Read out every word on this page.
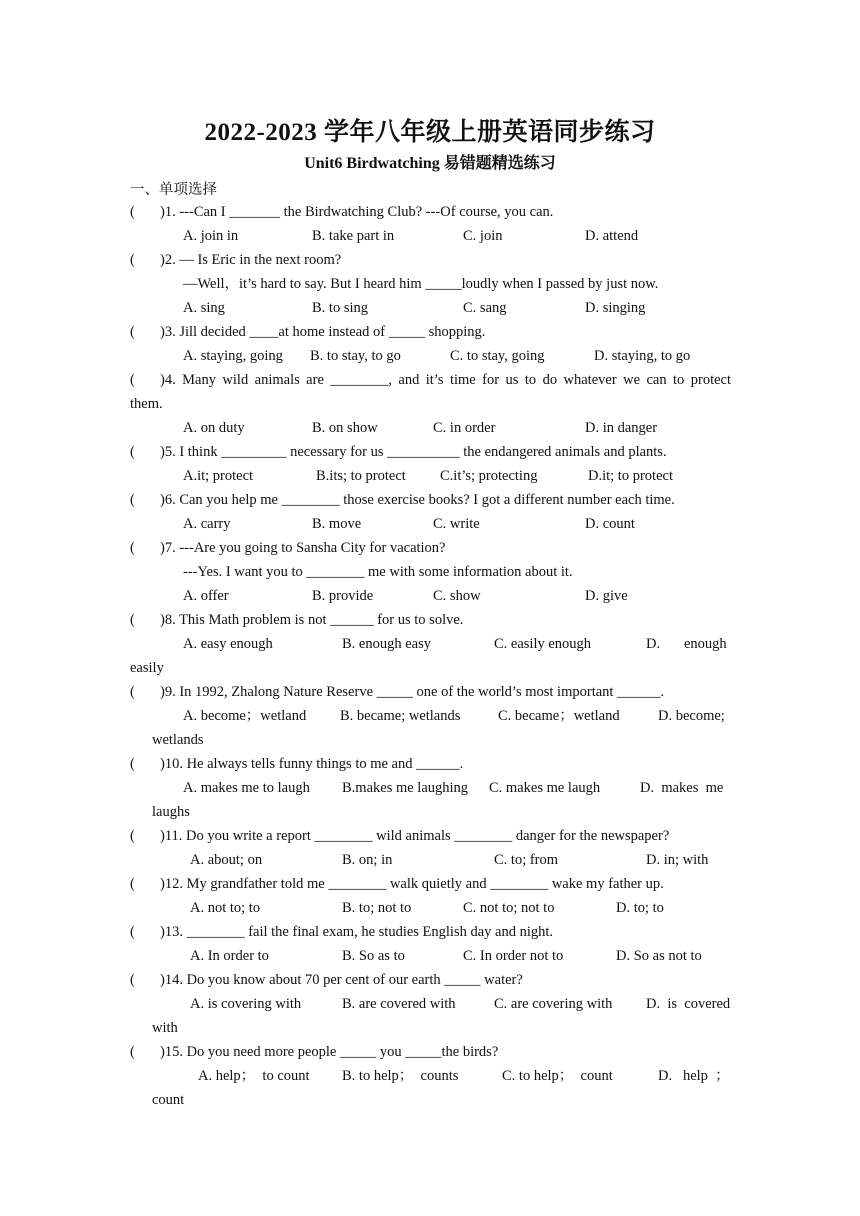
2022-2023 学年八年级上册英语同步练习
Unit6 Birdwatching 易错题精选练习
一、单项选择
( )1. ---Can I _______ the Birdwatching Club? ---Of course, you can.
A. join in	B. take part in	C. join	D. attend
( )2. — Is Eric in the next room?
—Well，it’s hard to say. But I heard him _____loudly when I passed by just now.
A. sing	B. to sing	C. sang	D. singing
( )3. Jill decided ____at home instead of _____ shopping.
A. staying, going B. to stay, to go	C. to stay, going	D. staying, to go
( )4. Many wild animals are ________, and it’s time for us to do whatever we can to protect
them.
A. on duty	B. on show	C. in order	D. in danger
( )5. I think _________ necessary for us __________ the endangered animals and plants.
A.it; protect	B.its; to protect C.it’s; protecting	D.it; to protect
( )6. Can you help me ________ those exercise books? I got a different number each time.
A. carry	B. move	C. write	D. count
( )7. ---Are you going to Sansha City for vacation?
---Yes. I want you to ________ me with some information about it.
A. offer	B. provide	C. show	D. give
( )8. This Math problem is not ______ for us to solve.
A. easy enough	B. enough easy	C. easily enough	D. enough
easily
( )9. In 1992, Zhalong Nature Reserve _____ one of the world’s most important ______.
A. become；wetland B. became; wetlands	C. became；wetland	D. become;
wetlands
( )10. He always tells funny things to me and ______.
A. makes me to laugh B.makes me laughing C. makes me laugh	D.  makes  me
laughs
( )11. Do you write a report ________ wild animals ________ danger for the newspaper?
A. about; on	B. on; in	C. to; from	D. in; with
( )12. My grandfather told me ________ walk quietly and ________ wake my father up.
A. not to; to	B. to; not to	C. not to; not to	D. to; to
( )13. ________ fail the final exam, he studies English day and night.
A. In order to	B. So as to	C. In order not to	D. So as not to
( )14. Do you know about 70 per cent of our earth _____ water?
A. is covering with	B. are covered with	C. are covering with D.  is  covered
with
( )15. Do you need more people _____ you _____the birds?
A. help；  to count B. to help；  counts	C. to help；  count	D.   help  ；
count
